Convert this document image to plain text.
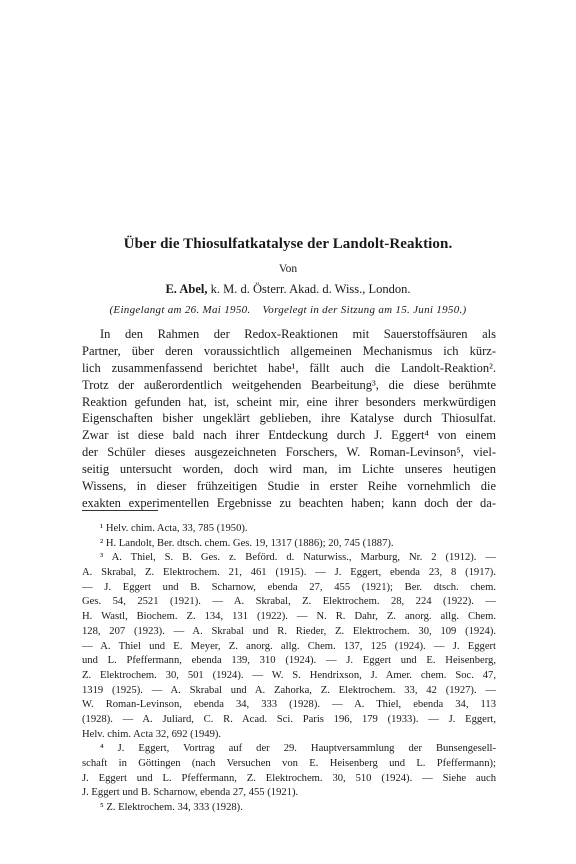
Über die Thiosulfatkatalyse der Landolt-Reaktion.
Von
E. Abel, k. M. d. Österr. Akad. d. Wiss., London.
(Eingelangt am 26. Mai 1950. Vorgelegt in der Sitzung am 15. Juni 1950.)
In den Rahmen der Redox-Reaktionen mit Sauerstoffsäuren als
Partner, über deren voraussichtlich allgemeinen Mechanismus ich kürz-
lich zusammenfassend berichtet habe¹, fällt auch die Landolt-Reaktion².
Trotz der außerordentlich weitgehenden Bearbeitung³, die diese berühmte
Reaktion gefunden hat, ist, scheint mir, eine ihrer besonders merkwürdigen
Eigenschaften bisher ungeklärt geblieben, ihre Katalyse durch Thiosulfat.
Zwar ist diese bald nach ihrer Entdeckung durch J. Eggert⁴ von einem
der Schüler dieses ausgezeichneten Forschers, W. Roman-Levinson⁵, viel-
seitig untersucht worden, doch wird man, im Lichte unseres heutigen
Wissens, in dieser frühzeitigen Studie in erster Reihe vornehmlich die
exakten experimentellen Ergebnisse zu beachten haben; kann doch der da-
¹ Helv. chim. Acta, 33, 785 (1950).
² H. Landolt, Ber. dtsch. chem. Ges. 19, 1317 (1886); 20, 745 (1887).
³ A. Thiel, S. B. Ges. z. Beförd. d. Naturwiss., Marburg, Nr. 2 (1912). —
A. Skrabal, Z. Elektrochem. 21, 461 (1915). — J. Eggert, ebenda 23, 8 (1917).
— J. Eggert und B. Scharnow, ebenda 27, 455 (1921); Ber. dtsch. chem.
Ges. 54, 2521 (1921). — A. Skrabal, Z. Elektrochem. 28, 224 (1922). —
H. Wastl, Biochem. Z. 134, 131 (1922). — N. R. Dahr, Z. anorg. allg. Chem.
128, 207 (1923). — A. Skrabal und R. Rieder, Z. Elektrochem. 30, 109 (1924).
— A. Thiel und E. Meyer, Z. anorg. allg. Chem. 137, 125 (1924). — J. Eggert
und L. Pfeffermann, ebenda 139, 310 (1924). — J. Eggert und E. Heisenberg,
Z. Elektrochem. 30, 501 (1924). — W. S. Hendrixson, J. Amer. chem. Soc. 47,
1319 (1925). — A. Skrabal und A. Zahorka, Z. Elektrochem. 33, 42 (1927). —
W. Roman-Levinson, ebenda 34, 333 (1928). — A. Thiel, ebenda 34, 113
(1928). — A. Juliard, C. R. Acad. Sci. Paris 196, 179 (1933). — J. Eggert,
Helv. chim. Acta 32, 692 (1949).
⁴ J. Eggert, Vortrag auf der 29. Hauptversammlung der Bunsengesell-
schaft in Göttingen (nach Versuchen von E. Heisenberg und L. Pfeffermann);
J. Eggert und L. Pfeffermann, Z. Elektrochem. 30, 510 (1924). — Siehe auch
J. Eggert und B. Scharnow, ebenda 27, 455 (1921).
⁵ Z. Elektrochem. 34, 333 (1928).
